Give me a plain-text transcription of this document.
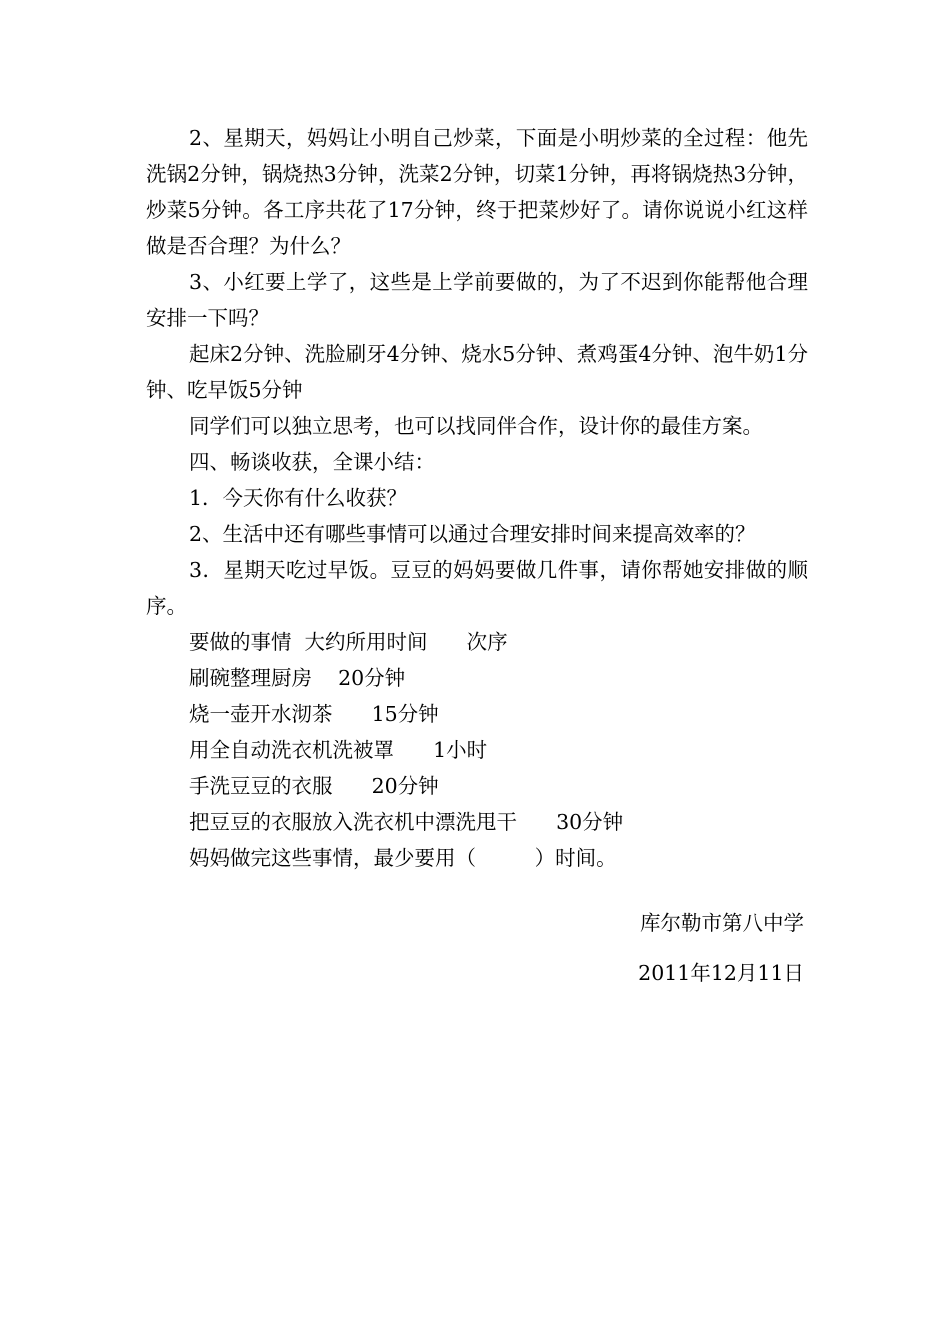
2、星期天，妈妈让小明自己炒菜，下面是小明炒菜的全过程：他先洗锅2分钟，锅烧热3分钟，洗菜2分钟，切菜1分钟，再将锅烧热3分钟，炒菜5分钟。各工序共花了17分钟，终于把菜炒好了。请你说说小红这样做是否合理？为什么？

3、小红要上学了，这些是上学前要做的，为了不迟到你能帮他合理安排一下吗？

起床2分钟、洗脸刷牙4分钟、烧水5分钟、煮鸡蛋4分钟、泡牛奶1分钟、吃早饭5分钟

同学们可以独立思考，也可以找同伴合作，设计你的最佳方案。

四、畅谈收获，全课小结：

1．今天你有什么收获？

2、生活中还有哪些事情可以通过合理安排时间来提高效率的？

3．星期天吃过早饭。豆豆的妈妈要做几件事，请你帮她安排做的顺序。

要做的事情  大约所用时间      次序

刷碗整理厨房    20分钟

烧一壶开水沏茶      15分钟

用全自动洗衣机洗被罩      1小时

手洗豆豆的衣服      20分钟

把豆豆的衣服放入洗衣机中漂洗甩干      30分钟

妈妈做完这些事情，最少要用（         ）时间。

库尔勒市第八中学
2011年12月11日
